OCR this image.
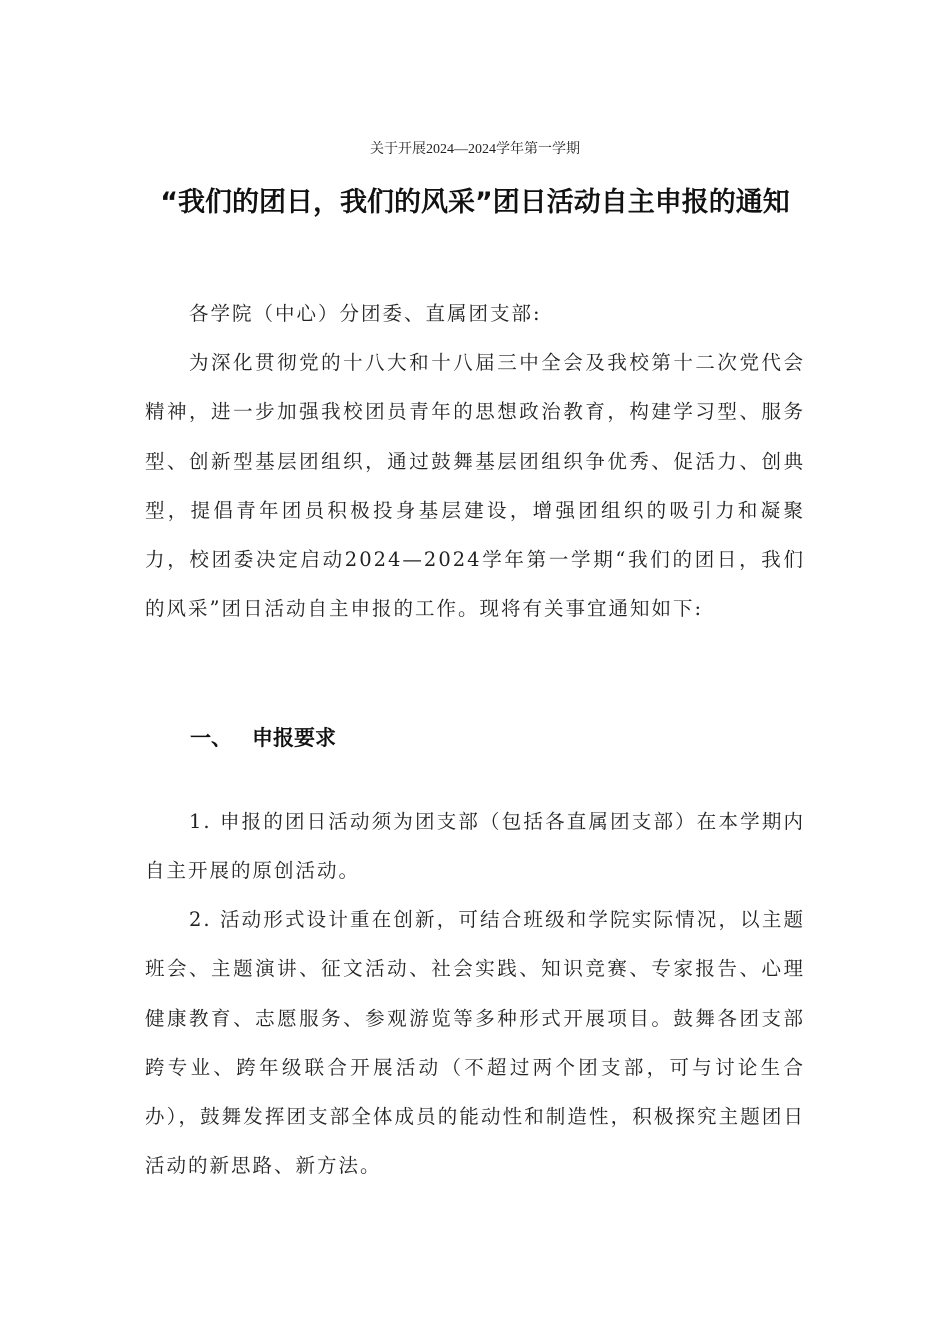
关于开展2024—2024学年第一学期
“我们的团日，我们的风采”团日活动自主申报的通知

各学院（中心）分团委、直属团支部:

为深化贯彻党的十八大和十八届三中全会及我校第十二次党代会精神，进一步加强我校团员青年的思想政治教育，构建学习型、服务型、创新型基层团组织，通过鼓舞基层团组织争优秀、促活力、创典型，提倡青年团员积极投身基层建设，增强团组织的吸引力和凝聚力，校团委决定启动2024—2024学年第一学期“我们的团日，我们的风采”团日活动自主申报的工作。现将有关事宜通知如下:

一、 申报要求

1. 申报的团日活动须为团支部（包括各直属团支部）在本学期内自主开展的原创活动。

2. 活动形式设计重在创新，可结合班级和学院实际情况，以主题班会、主题演讲、征文活动、社会实践、知识竞赛、专家报告、心理健康教育、志愿服务、参观游览等多种形式开展项目。鼓舞各团支部跨专业、跨年级联合开展活动（不超过两个团支部，可与讨论生合办），鼓舞发挥团支部全体成员的能动性和制造性，积极探究主题团日活动的新思路、新方法。
